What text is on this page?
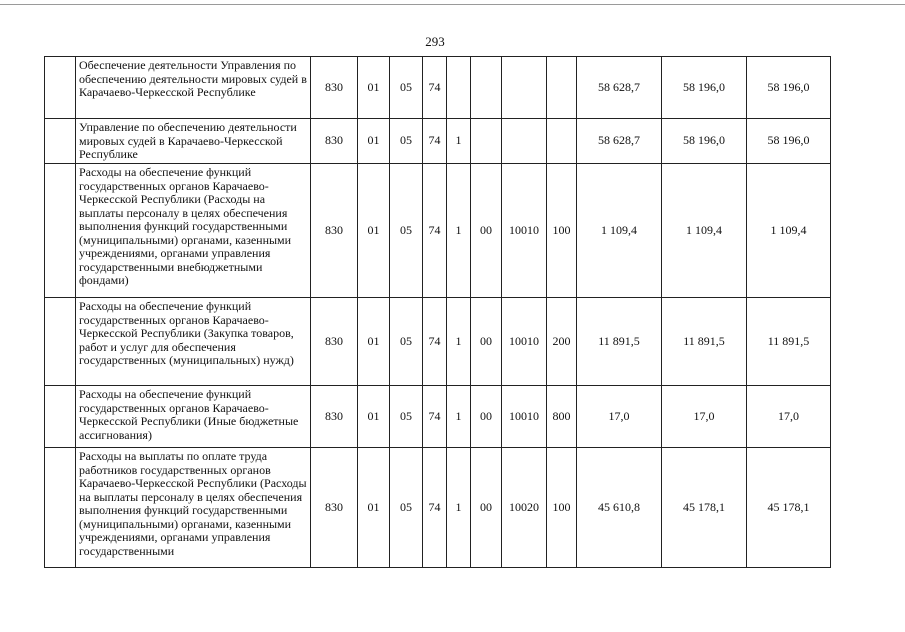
293
	Обеспечение деятельности Управления по обеспечению деятельности мировых судей в Карачаево-Черкесской Республике	830	01	05	74					58 628,7	58 196,0	58 196,0
	Управление по обеспечению деятельности мировых судей в Карачаево-Черкесской Республике	830	01	05	74	1				58 628,7	58 196,0	58 196,0
	Расходы на обеспечение функций государственных органов Карачаево-Черкесской Республики (Расходы на выплаты персоналу в целях обеспечения выполнения функций государственными (муниципальными) органами, казенными учреждениями, органами управления государственными внебюджетными фондами)	830	01	05	74	1	00	10010	100	1 109,4	1 109,4	1 109,4
	Расходы на обеспечение функций государственных органов Карачаево-Черкесской Республики (Закупка товаров, работ и услуг для обеспечения государственных (муниципальных) нужд)	830	01	05	74	1	00	10010	200	11 891,5	11 891,5	11 891,5
	Расходы на обеспечение функций государственных органов Карачаево-Черкесской Республики (Иные бюджетные ассигнования)	830	01	05	74	1	00	10010	800	17,0	17,0	17,0
	Расходы на выплаты по оплате труда работников государственных органов Карачаево-Черкесской Республики (Расходы на выплаты персоналу в целях обеспечения выполнения функций государственными (муниципальными) органами, казенными учреждениями, органами управления государственными	830	01	05	74	1	00	10020	100	45 610,8	45 178,1	45 178,1
